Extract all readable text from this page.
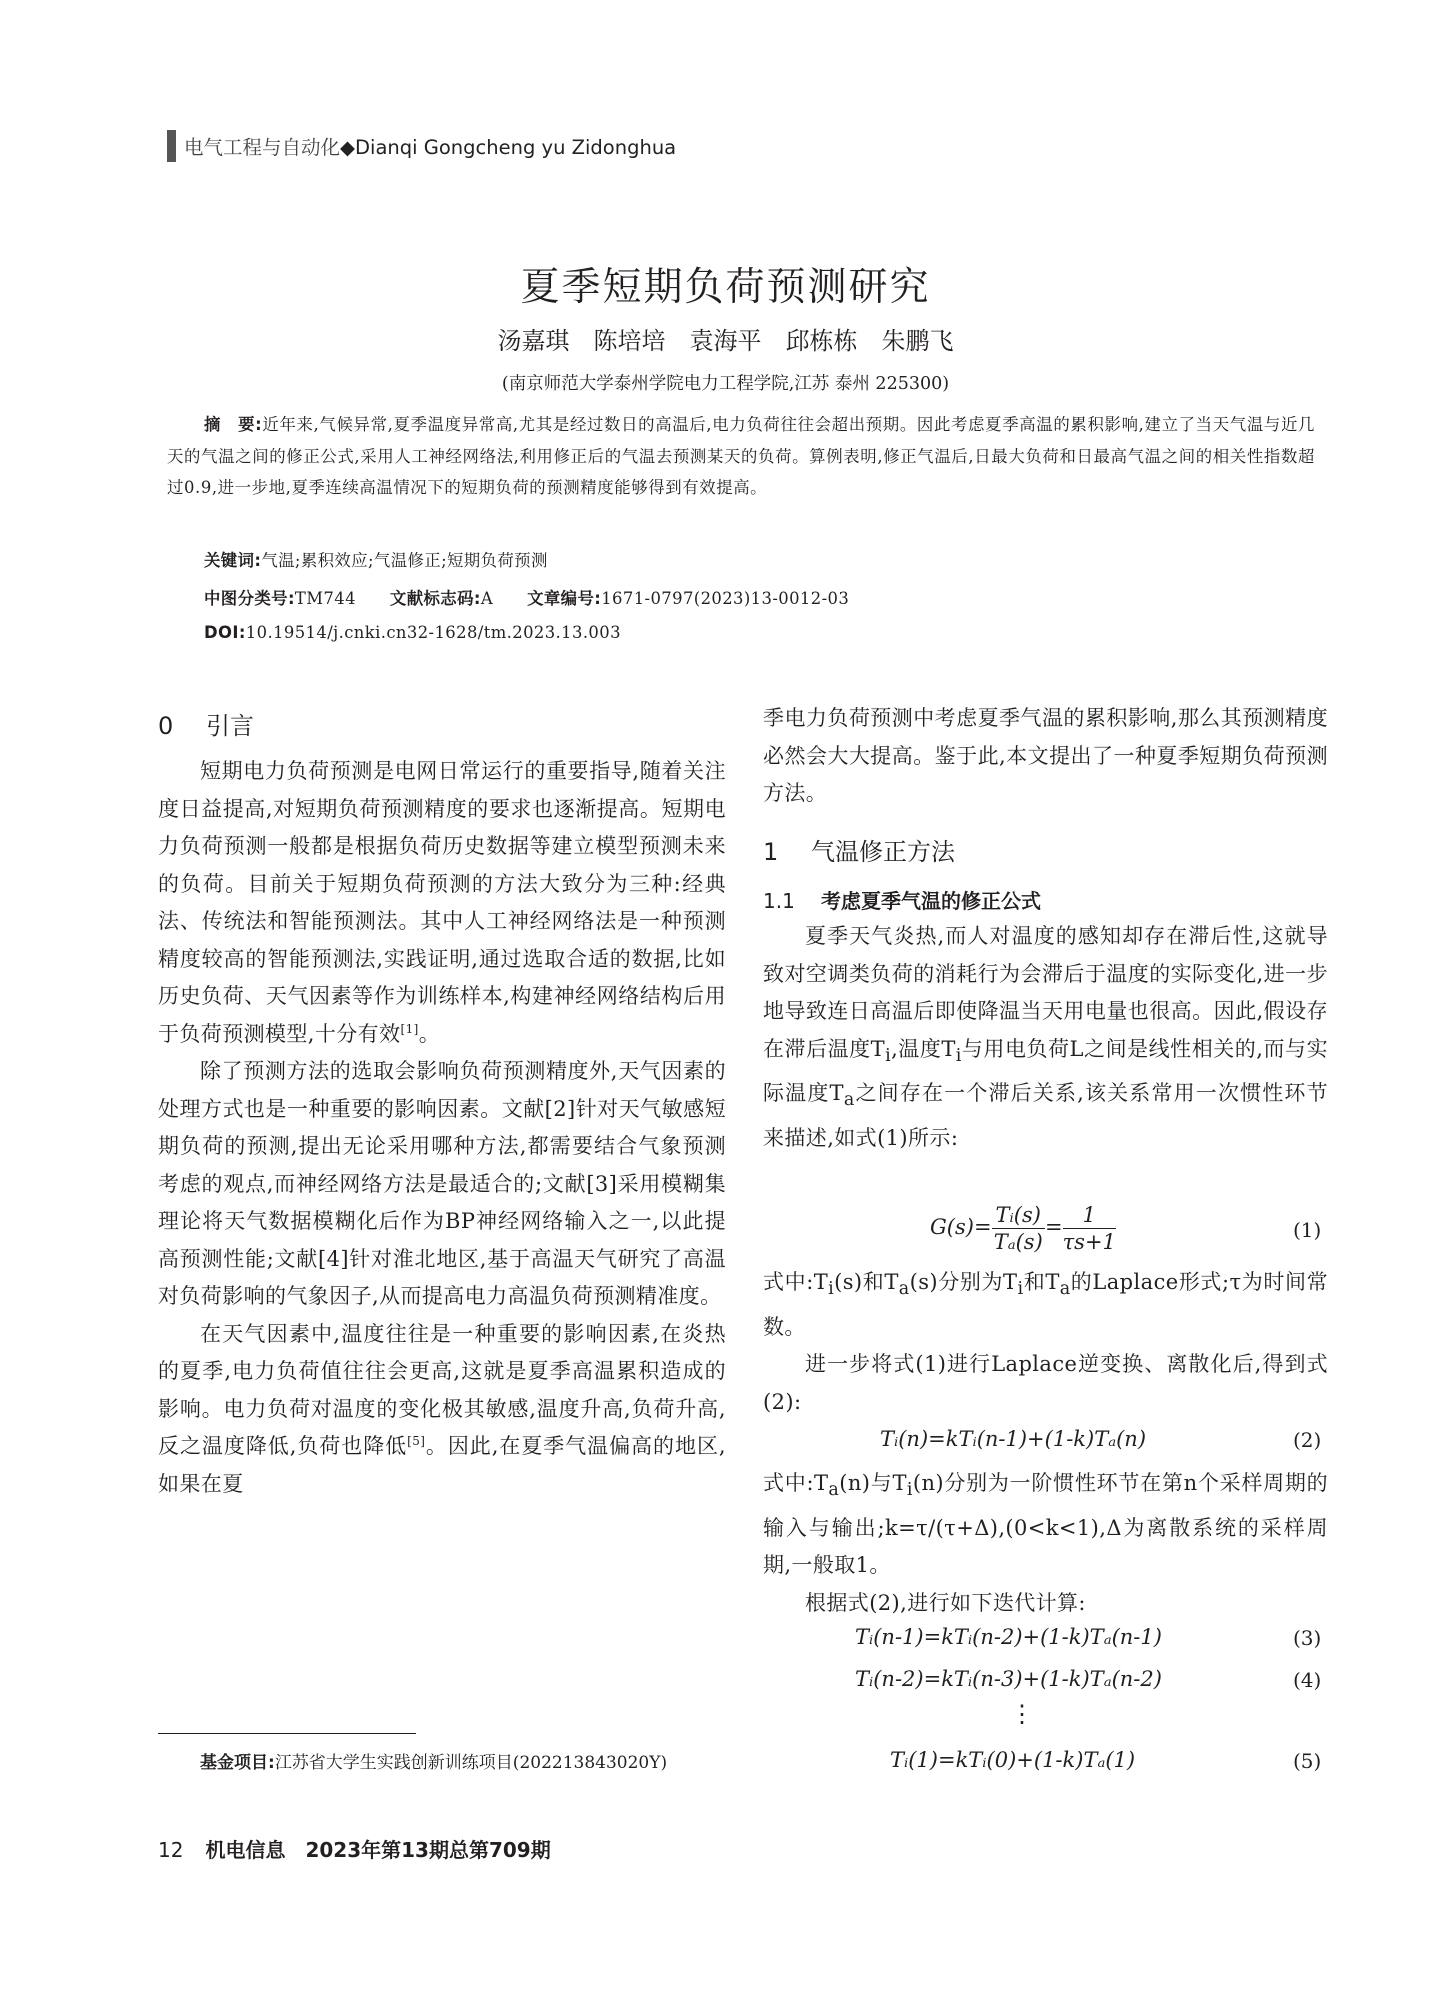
电气工程与自动化◆Dianqi Gongcheng yu Zidonghua
夏季短期负荷预测研究
汤嘉琪　陈培培　袁海平　邱栋栋　朱鹏飞
(南京师范大学泰州学院电力工程学院,江苏 泰州 225300)
摘　要:近年来,气候异常,夏季温度异常高,尤其是经过数日的高温后,电力负荷往往会超出预期。因此考虑夏季高温的累积影响,建立了当天气温与近几天的气温之间的修正公式,采用人工神经网络法,利用修正后的气温去预测某天的负荷。算例表明,修正气温后,日最大负荷和日最高气温之间的相关性指数超过0.9,进一步地,夏季连续高温情况下的短期负荷的预测精度能够得到有效提高。
关键词:气温;累积效应;气温修正;短期负荷预测
中图分类号:TM744 文献标志码:A 文章编号:1671-0797(2023)13-0012-03
DOI:10.19514/j.cnki.cn32-1628/tm.2023.13.003
0 引言

短期电力负荷预测是电网日常运行的重要指导,随着关注度日益提高,对短期负荷预测精度的要求也逐渐提高。短期电力负荷预测一般都是根据负荷历史数据等建立模型预测未来的负荷。目前关于短期负荷预测的方法大致分为三种:经典法、传统法和智能预测法。其中人工神经网络法是一种预测精度较高的智能预测法,实践证明,通过选取合适的数据,比如历史负荷、天气因素等作为训练样本,构建神经网络结构后用于负荷预测模型,十分有效[1]。

除了预测方法的选取会影响负荷预测精度外,天气因素的处理方式也是一种重要的影响因素。文献[2]针对天气敏感短期负荷的预测,提出无论采用哪种方法,都需要结合气象预测考虑的观点,而神经网络方法是最适合的;文献[3]采用模糊集理论将天气数据模糊化后作为BP神经网络输入之一,以此提高预测性能;文献[4]针对淮北地区,基于高温天气研究了高温对负荷影响的气象因子,从而提高电力高温负荷预测精准度。

在天气因素中,温度往往是一种重要的影响因素,在炎热的夏季,电力负荷值往往会更高,这就是夏季高温累积造成的影响。电力负荷对温度的变化极其敏感,温度升高,负荷升高,反之温度降低,负荷也降低[5]。因此,在夏季气温偏高的地区,如果在夏

基金项目:江苏省大学生实践创新训练项目(202213843020Y)

季电力负荷预测中考虑夏季气温的累积影响,那么其预测精度必然会大大提高。鉴于此,本文提出了一种夏季短期负荷预测方法。

1 气温修正方法
1.1 考虑夏季气温的修正公式

夏季天气炎热,而人对温度的感知却存在滞后性,这就导致对空调类负荷的消耗行为会滞后于温度的实际变化,进一步地导致连日高温后即使降温当天用电量也很高。因此,假设存在滞后温度$T_i$,温度$T_i$与用电负荷L之间是线性相关的,而与实际温度$T_a$之间存在一个滞后关系,该关系常用一次惯性环节来描述,如式(1)所示:

$G(s)= \frac{\text{Tᵢ(s)}}{\text{Tₐ(s)}} = \frac{1}{\tau s+1}$	(1)

式中$:T_i(s)$和$T_a(s)$分别为$T_i$和$T_a$的Laplace形式;τ为时间常数。

进一步将式(1)进行Laplace逆变换、离散化后,得到式(2):

Tᵢ(n)=kTᵢ(n-1)+(1-k)Tₐ(n)	(2)

式中$:T_a(n)$与$T_i(n)$分别为一阶惯性环节在第n个采样周期的输入与输出;k=τ/(τ+Δ),(0<k<1),Δ为离散系统的采样周期,一般取1。

根据式(2),进行如下迭代计算:

Tᵢ(n-1)=kTᵢ(n-2)+(1-k)Tₐ(n-1)	(3)
Tᵢ(n-2)=kTᵢ(n-3)+(1-k)Tₐ(n-2)	(4)
⋮
Tᵢ(1)=kTᵢ(0)+(1-k)Tₐ(1)	(5)
12 机电信息　2023年第13期总第709期
